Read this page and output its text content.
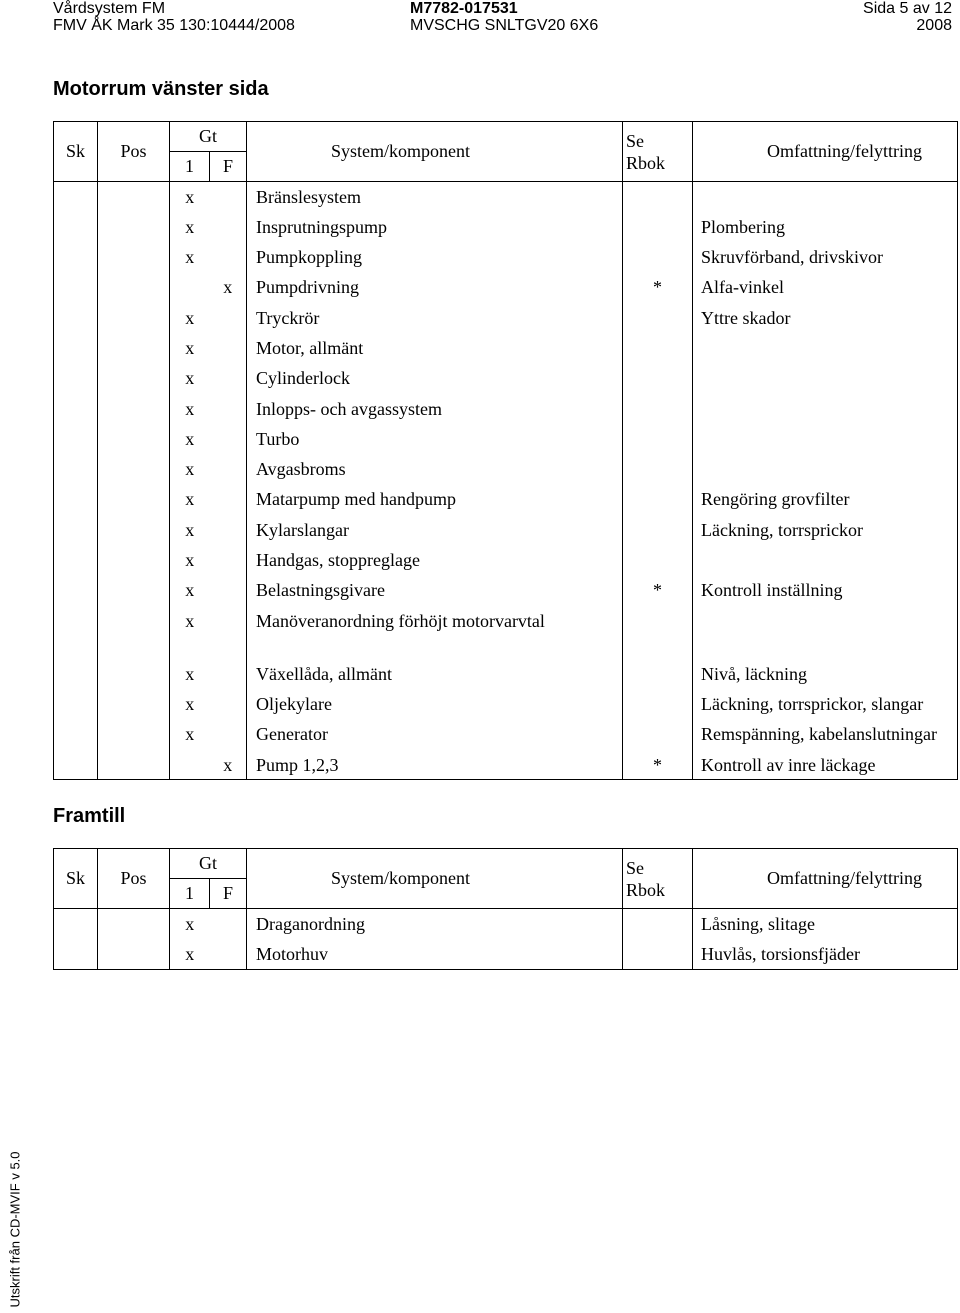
Vårdsystem FM	M7782-017531	Sida 5 av 12
FMV ÅK Mark 35 130:10444/2008	MVSCHG SNLTGV20 6X6	2008
Motorrum vänster sida
Sk	Pos	Gt		System/komponent	Se
Rbok	Omfattning/felyttring
		1	F			
		x		Bränslesystem		
		x		Insprutningspump		Plombering
		x		Pumpkoppling		Skruvförband, drivskivor
			x	Pumpdrivning	*	Alfa-vinkel
		x		Tryckrör		Yttre skador
		x		Motor, allmänt		
		x		Cylinderlock		
		x		Inlopps- och avgassystem		
		x		Turbo		
		x		Avgasbroms		
		x		Matarpump med handpump		Rengöring grovfilter
		x		Kylarslangar		Läckning, torrsprickor
		x		Handgas, stoppreglage		
		x		Belastningsgivare	*	Kontroll inställning
		x		Manöveranordning förhöjt motorvarvtal		
		x		Växellåda, allmänt		Nivå, läckning
		x		Oljekylare		Läckning, torrsprickor, slangar
		x		Generator		Remspänning, kabelanslutningar
			x	Pump 1,2,3	*	Kontroll av inre läckage
Framtill
Sk	Pos	Gt		System/komponent	Se
Rbok	Omfattning/felyttring
		1	F			
		x		Draganordning		Låsning, slitage
		x		Motorhuv		Huvlås, torsionsfjäder
Utskrift från CD-MVIF v 5.0
